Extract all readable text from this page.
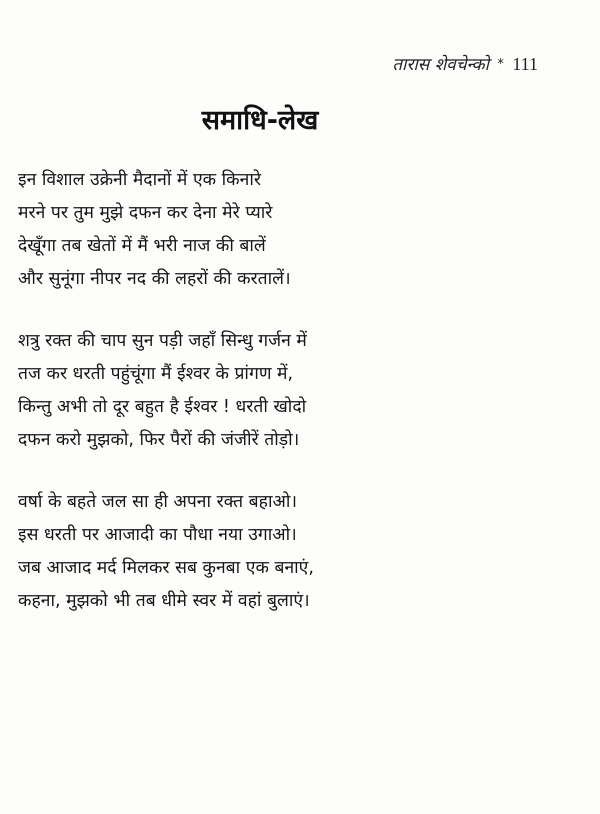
तारास शेवचेन्को * 111
समाधि-लेख
इन विशाल उक्रेनी मैदानों में एक किनारे
मरने पर तुम मुझे दफन कर देना मेरे प्यारे
देखूँगा तब खेतों में मैं भरी नाज की बालें
और सुनूंगा नीपर नद की लहरों की करतालें।
शत्रु रक्त की चाप सुन पड़ी जहाँ सिन्धु गर्जन में
तज कर धरती पहुंचूंगा मैं ईश्वर के प्रांगण में,
किन्तु अभी तो दूर बहुत है ईश्वर ! धरती खोदो
दफन करो मुझको, फिर पैरों की जंजीरें तोड़ो।
वर्षा के बहते जल सा ही अपना रक्त बहाओ।
इस धरती पर आजादी का पौधा नया उगाओ।
जब आजाद मर्द मिलकर सब कुनबा एक बनाएं,
कहना, मुझको भी तब धीमे स्वर में वहां बुलाएं।
